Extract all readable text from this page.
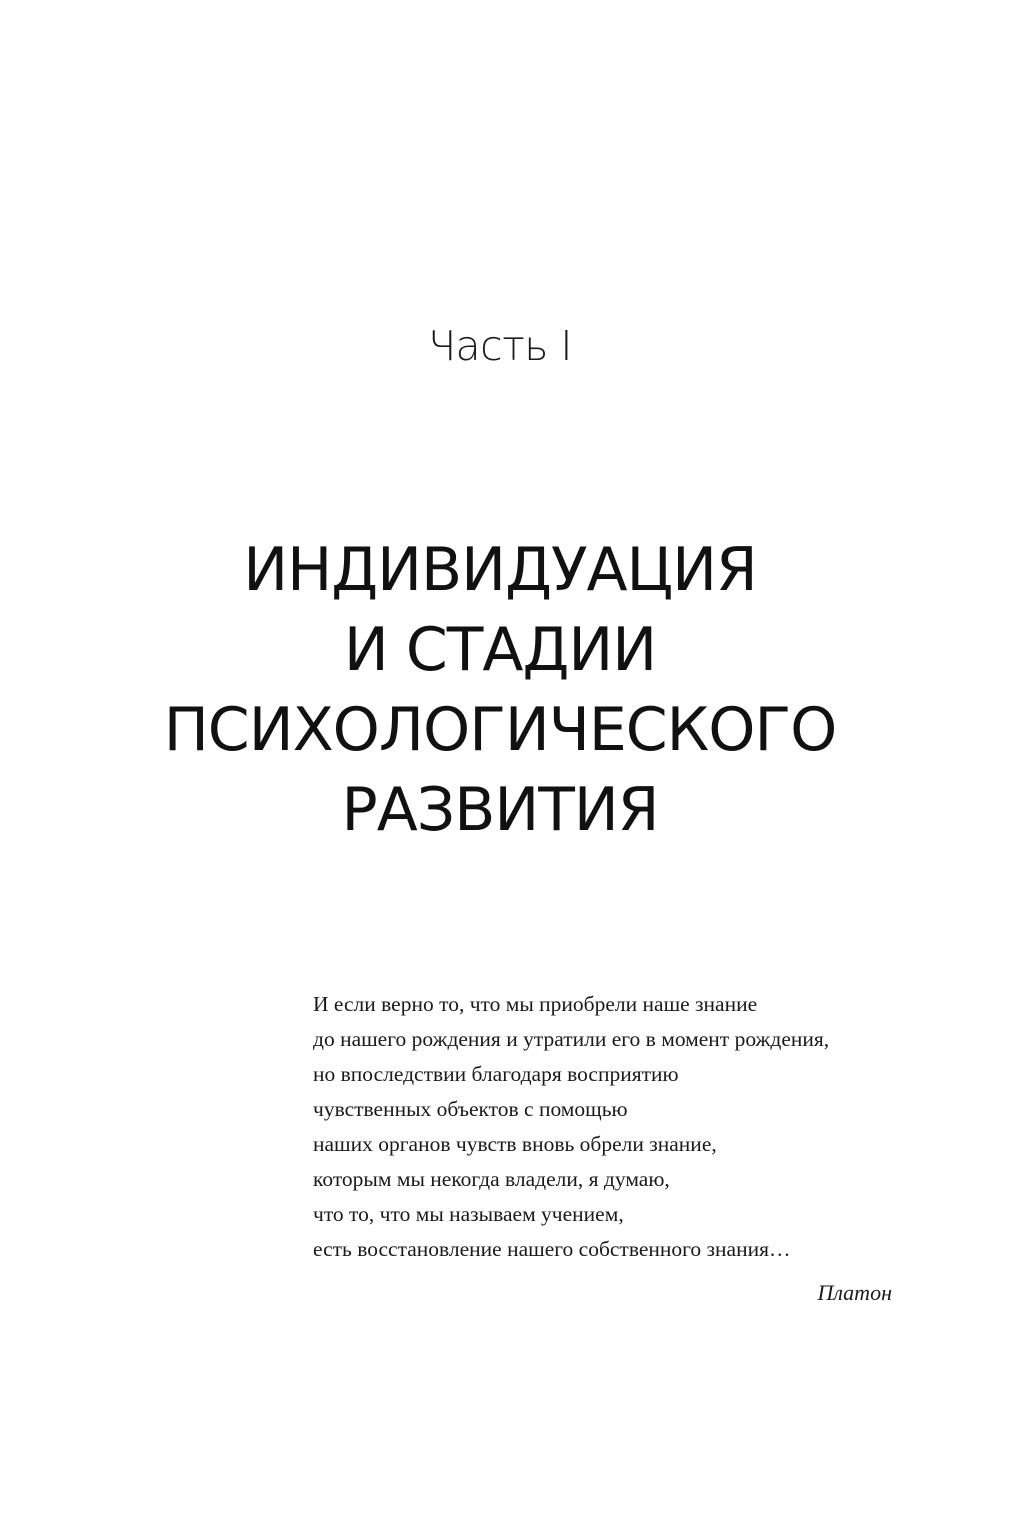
Часть I
ИНДИВИДУАЦИЯ
И СТАДИИ
ПСИХОЛОГИЧЕСКОГО
РАЗВИТИЯ

И если верно то, что мы приобрели наше знание
до нашего рождения и утратили его в момент рождения,
но впоследствии благодаря восприятию
чувственных объектов с помощью
наших органов чувств вновь обрели знание,
которым мы некогда владели, я думаю,
что то, что мы называем учением,
есть восстановление нашего собственного знания…

Платон
